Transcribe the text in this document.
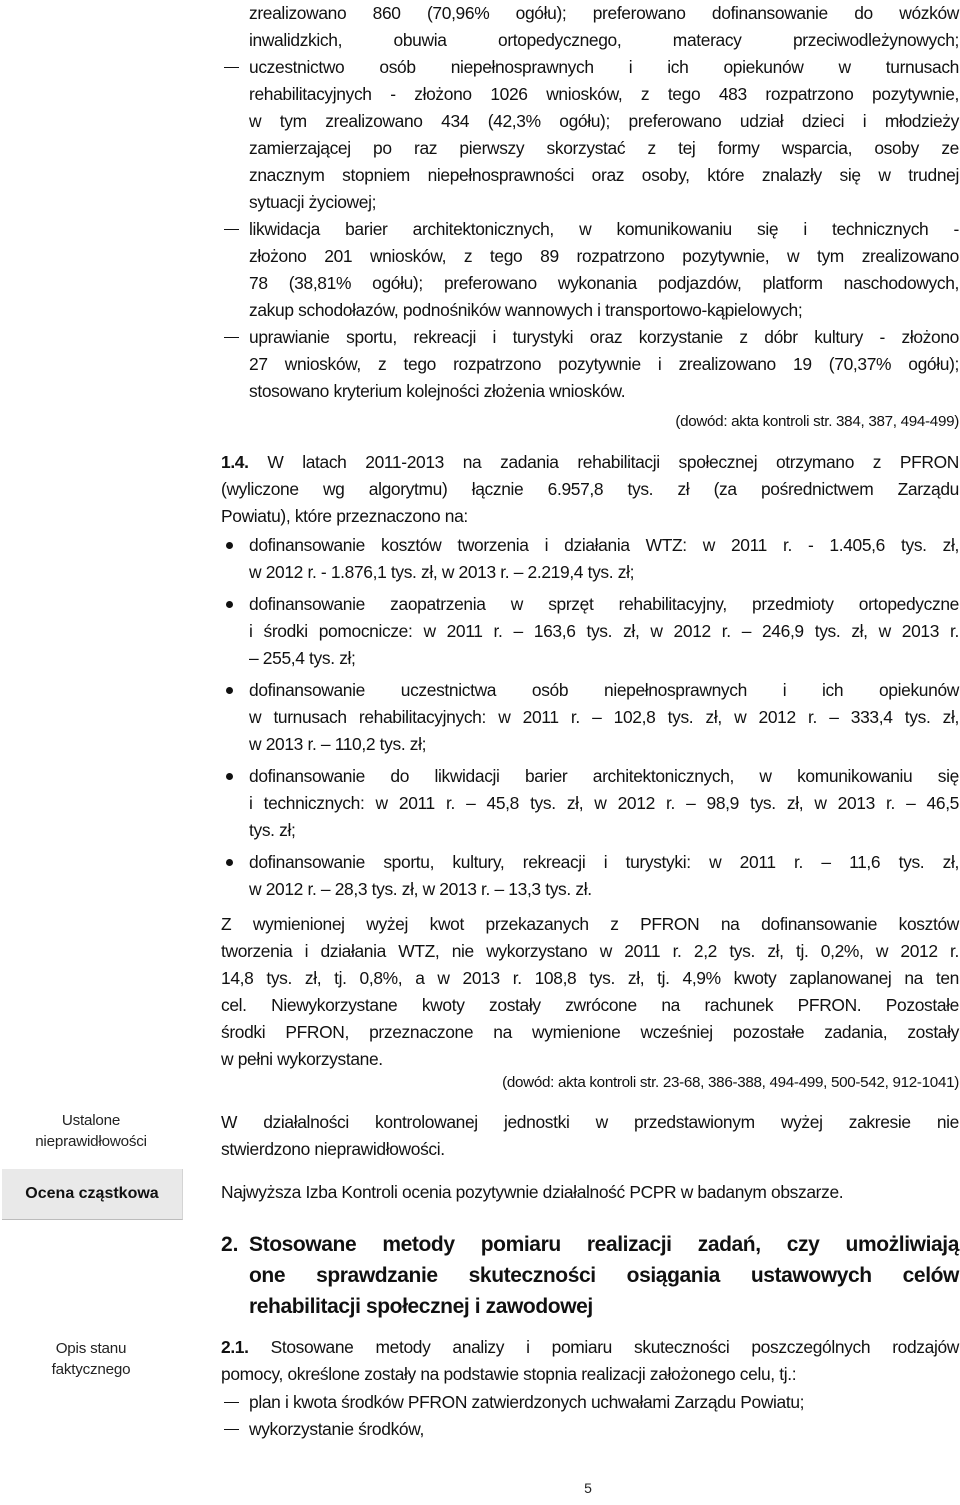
Ustalone
nieprawidłowości
Ocena cząstkowa
Opis stanu
faktycznego
zrealizowano 860 (70,96% ogółu); preferowano dofinansowanie do wózków
inwalidzkich, obuwia ortopedycznego, materacy przeciwodleżynowych;
uczestnictwo osób niepełnosprawnych i ich opiekunów w turnusach
rehabilitacyjnych - złożono 1026 wniosków, z tego 483 rozpatrzono pozytywnie,
w tym zrealizowano 434 (42,3% ogółu); preferowano udział dzieci i młodzieży
zamierzającej po raz pierwszy skorzystać z tej formy wsparcia, osoby ze
znacznym stopniem niepełnosprawności oraz osoby, które znalazły się w trudnej
sytuacji życiowej;
likwidacja barier architektonicznych, w komunikowaniu się i technicznych -
złożono 201 wniosków, z tego 89 rozpatrzono pozytywnie, w tym zrealizowano
78 (38,81% ogółu); preferowano wykonania podjazdów, platform naschodowych,
zakup schodołazów, podnośników wannowych i transportowo-kąpielowych;
uprawianie sportu, rekreacji i turystyki oraz korzystanie z dóbr kultury - złożono
27 wniosków, z tego rozpatrzono pozytywnie i zrealizowano 19 (70,37% ogółu);
stosowano kryterium kolejności złożenia wniosków.
(dowód: akta kontroli str. 384, 387, 494-499)
1.4. W latach 2011-2013 na zadania rehabilitacji społecznej otrzymano z PFRON
(wyliczone wg algorytmu) łącznie 6.957,8 tys. zł (za pośrednictwem Zarządu
Powiatu), które przeznaczono na:
dofinansowanie kosztów tworzenia i działania WTZ: w 2011 r. - 1.405,6 tys. zł,
w 2012 r. - 1.876,1 tys. zł, w 2013 r. – 2.219,4 tys. zł;
dofinansowanie zaopatrzenia w sprzęt rehabilitacyjny, przedmioty ortopedyczne
i środki pomocnicze: w 2011 r. – 163,6 tys. zł, w 2012 r. – 246,9 tys. zł, w 2013 r.
– 255,4 tys. zł;
dofinansowanie uczestnictwa osób niepełnosprawnych i ich opiekunów
w turnusach rehabilitacyjnych: w 2011 r. – 102,8 tys. zł, w 2012 r. – 333,4 tys. zł,
w 2013 r. – 110,2 tys. zł;
dofinansowanie do likwidacji barier architektonicznych, w komunikowaniu się
i technicznych: w 2011 r. – 45,8 tys. zł, w 2012 r. – 98,9 tys. zł, w 2013 r. – 46,5
tys. zł;
dofinansowanie sportu, kultury, rekreacji i turystyki: w 2011 r. – 11,6 tys. zł,
w 2012 r. – 28,3 tys. zł, w 2013 r. – 13,3 tys. zł.
Z wymienionej wyżej kwot przekazanych z PFRON na dofinansowanie kosztów
tworzenia i działania WTZ, nie wykorzystano w 2011 r. 2,2 tys. zł, tj. 0,2%, w 2012 r.
14,8 tys. zł, tj. 0,8%, a w 2013 r. 108,8 tys. zł, tj. 4,9% kwoty zaplanowanej na ten
cel. Niewykorzystane kwoty zostały zwrócone na rachunek PFRON. Pozostałe
środki PFRON, przeznaczone na wymienione wcześniej pozostałe zadania, zostały
w pełni wykorzystane.
(dowód: akta kontroli str. 23-68, 386-388, 494-499, 500-542, 912-1041)
W działalności kontrolowanej jednostki w przedstawionym wyżej zakresie nie
stwierdzono nieprawidłowości.
Najwyższa Izba Kontroli ocenia pozytywnie działalność PCPR w badanym obszarze.
2. Stosowane metody pomiaru realizacji zadań, czy umożliwiają
one sprawdzanie skuteczności osiągania ustawowych celów
rehabilitacji społecznej i zawodowej
2.1. Stosowane metody analizy i pomiaru skuteczności poszczególnych rodzajów
pomocy, określone zostały na podstawie stopnia realizacji założonego celu, tj.:
plan i kwota środków PFRON zatwierdzonych uchwałami Zarządu Powiatu;
wykorzystanie środków,
5
